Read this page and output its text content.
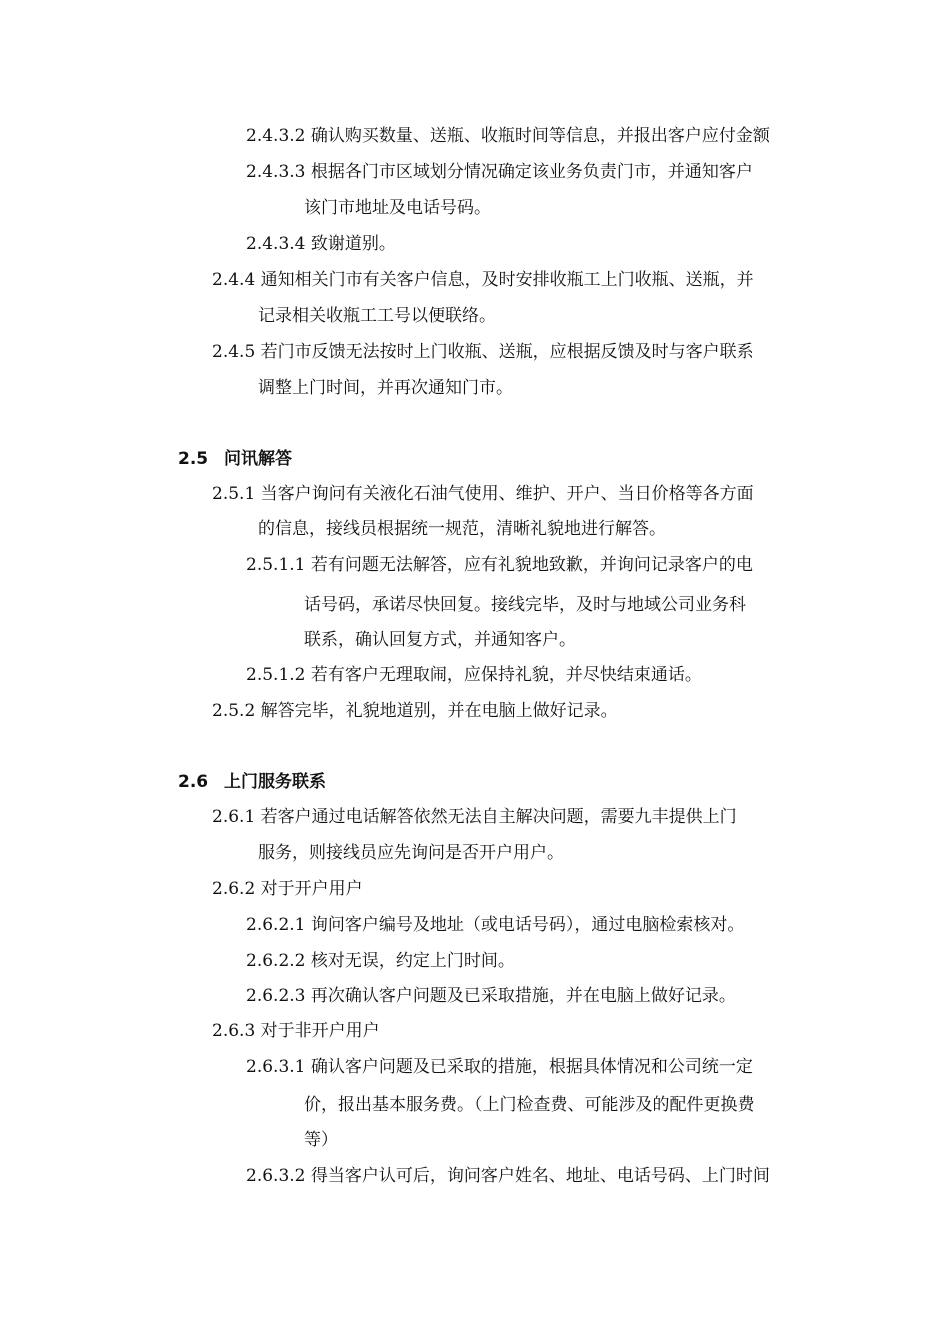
2.4.3.2 确认购买数量、送瓶、收瓶时间等信息，并报出客户应付金额
2.4.3.3 根据各门市区域划分情况确定该业务负责门市，并通知客户
该门市地址及电话号码。
2.4.3.4 致谢道别。
2.4.4 通知相关门市有关客户信息，及时安排收瓶工上门收瓶、送瓶，并
记录相关收瓶工工号以便联络。
2.4.5 若门市反馈无法按时上门收瓶、送瓶，应根据反馈及时与客户联系
调整上门时间，并再次通知门市。
2.5 问讯解答
2.5.1 当客户询问有关液化石油气使用、维护、开户、当日价格等各方面
的信息，接线员根据统一规范，清晰礼貌地进行解答。
2.5.1.1 若有问题无法解答，应有礼貌地致歉，并询问记录客户的电
话号码，承诺尽快回复。接线完毕，及时与地域公司业务科
联系，确认回复方式，并通知客户。
2.5.1.2 若有客户无理取闹，应保持礼貌，并尽快结束通话。
2.5.2 解答完毕，礼貌地道别，并在电脑上做好记录。
2.6 上门服务联系
2.6.1 若客户通过电话解答依然无法自主解决问题，需要九丰提供上门
服务，则接线员应先询问是否开户用户。
2.6.2 对于开户用户
2.6.2.1 询问客户编号及地址（或电话号码），通过电脑检索核对。
2.6.2.2 核对无误，约定上门时间。
2.6.2.3 再次确认客户问题及已采取措施，并在电脑上做好记录。
2.6.3 对于非开户用户
2.6.3.1 确认客户问题及已采取的措施，根据具体情况和公司统一定
价，报出基本服务费。（上门检查费、可能涉及的配件更换费
等）
2.6.3.2 得当客户认可后，询问客户姓名、地址、电话号码、上门时间
